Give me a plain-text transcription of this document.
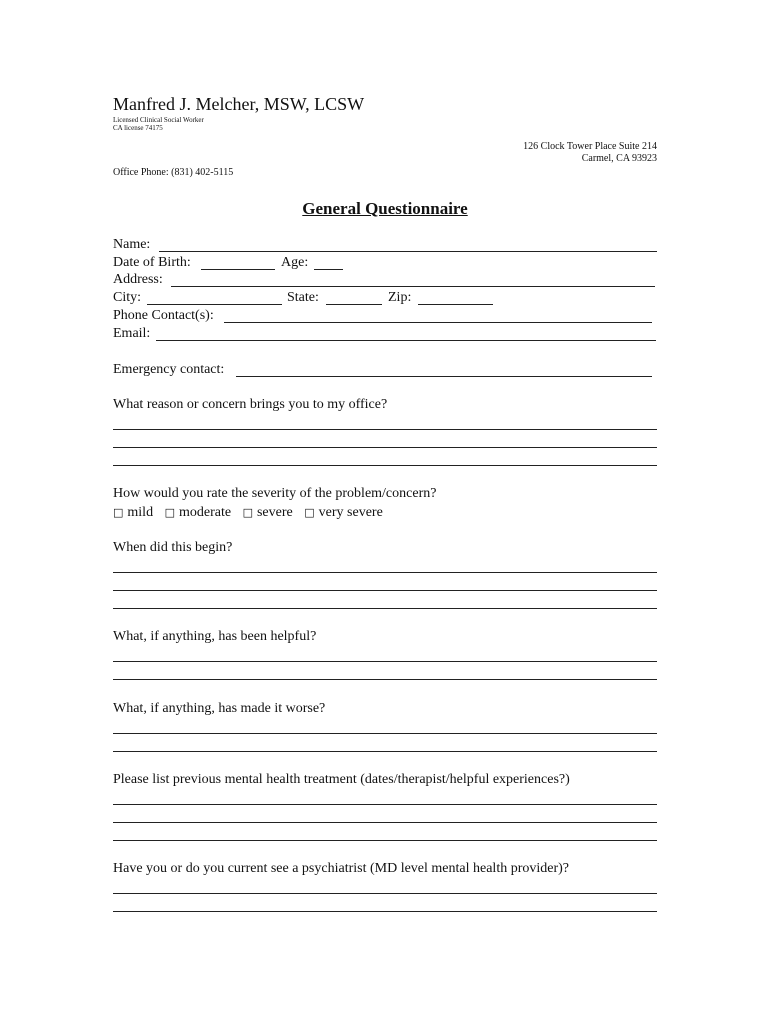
Manfred J. Melcher, MSW, LCSW
Licensed Clinical Social Worker
CA license 74175
126 Clock Tower Place Suite 214
Carmel, CA 93923
Office Phone: (831) 402-5115
General Questionnaire
Name:
Date of Birth:	Age:
Address:
City:	State:	Zip:
Phone Contact(s):
Email:
Emergency contact:
What reason or concern brings you to my office?
How would you rate the severity of the problem/concern?
□ mild □ moderate □ severe □ very severe
When did this begin?
What, if anything, has been helpful?
What, if anything, has made it worse?
Please list previous mental health treatment (dates/therapist/helpful experiences?)
Have you or do you current see a psychiatrist (MD level mental health provider)?
